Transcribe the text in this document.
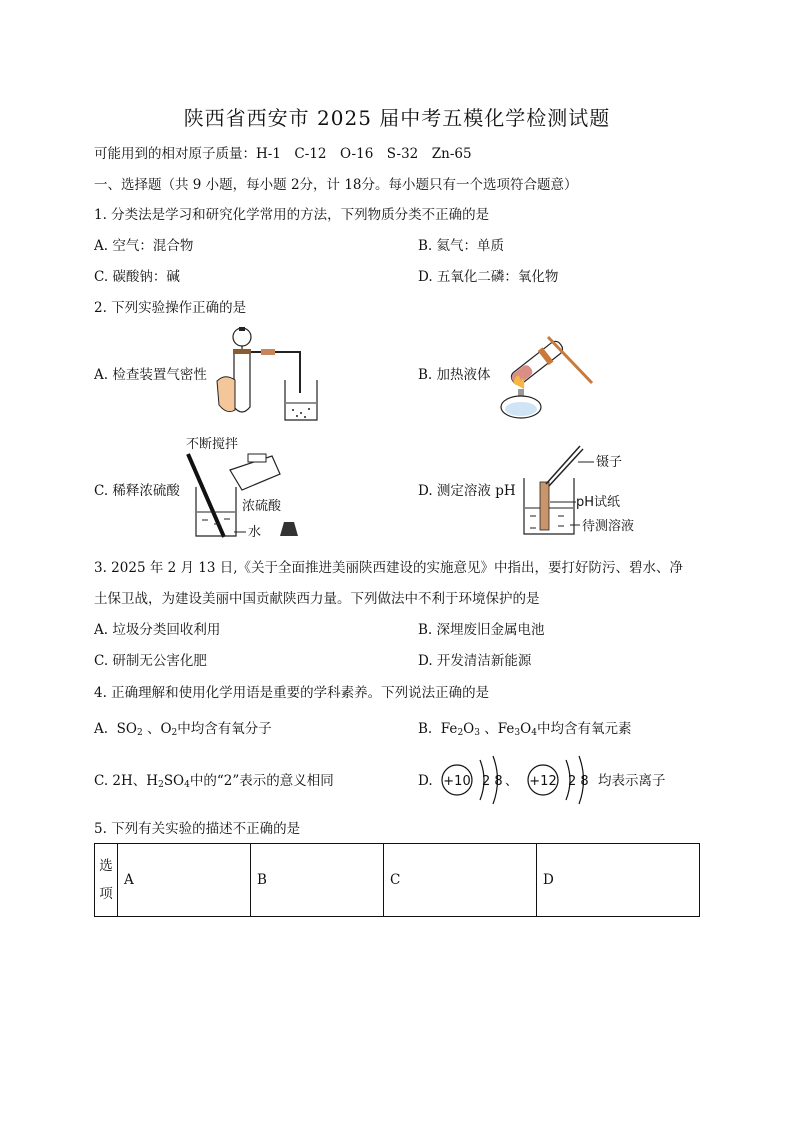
陕西省西安市 2025 届中考五模化学检测试题
可能用到的相对原子质量：H-1　C-12　O-16　S-32　Zn-65
一、选择题（共 9 小题，每小题 2分，计 18分。每小题只有一个选项符合题意）
1. 分类法是学习和研究化学常用的方法，下列物质分类不正确的是
A. 空气：混合物	B. 氦气：单质
C. 碳酸钠：碱	D. 五氧化二磷：氧化物
2. 下列实验操作正确的是
A. 检查装置气密性	B. 加热液体
C. 稀释浓硫酸	D. 测定溶液 pH
不断搅拌
浓硫酸
水
镊子
pH试纸
待测溶液
3. 2025 年 2 月 13 日,《关于全面推进美丽陕西建设的实施意见》中指出，要打好防污、碧水、净
土保卫战，为建设美丽中国贡献陕西力量。下列做法中不利于环境保护的是
A. 垃圾分类回收利用	B. 深埋废旧金属电池
C. 研制无公害化肥	D. 开发清洁新能源
4. 正确理解和使用化学用语是重要的学科素养。下列说法正确的是
A.  $SO_2$ 、$O_2$中均含有氧分子	B.  $Fe_2O_3$ 、$Fe_3O_4$中均含有氧元素
C. 2H、$H_2SO_4$中的“2”表示的意义相同	D. +10 2 8 、 +12 2 8 均表示离子
5. 下列有关实验的描述不正确的是
选
项
	A	B	C	D
